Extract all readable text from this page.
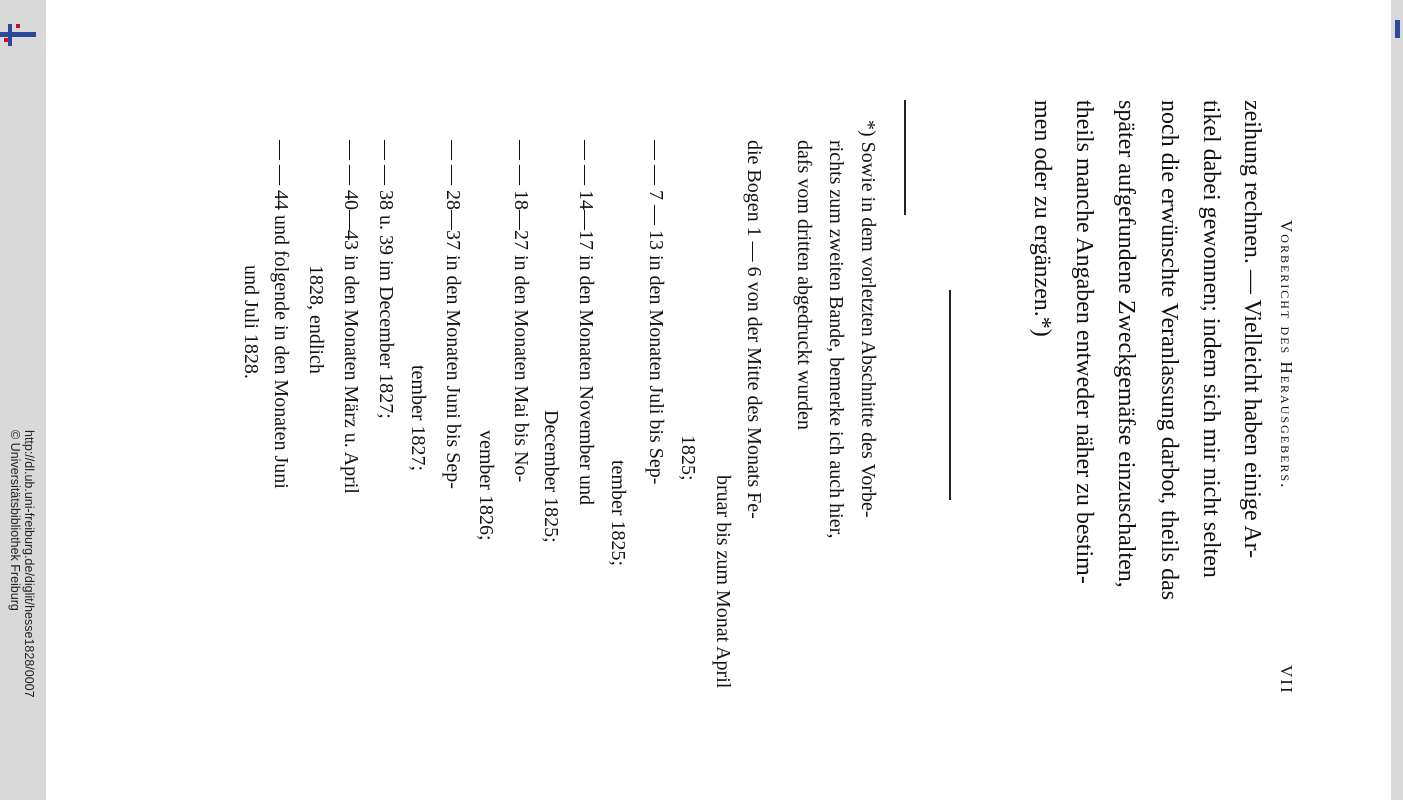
http://dl.ub.uni-freiburg.de/diglit/hesse1828/0007
© Universitätsbibliothek Freiburg
Vorbericht des Herausgebers.
VII
zeihung rechnen. — Vielleicht haben einige Ar-
tikel dabei gewonnen; indem sich mir nicht selten
noch die erwünschte Veranlassung darbot, theils das
später aufgefundene Zweckgemäfse einzuschalten,
theils manche Angaben entweder näher zu bestim-
men oder zu ergänzen.*)
*) Sowie in dem vorletzten Abschnitte des Vorbe-
richts zum zweiten Bande, bemerke ich auch hier,
dafs vom dritten abgedruckt wurden
die Bogen 1 — 6 von der Mitte des Monats Fe-
bruar bis zum Monat April
1825;
— — 7 — 13 in den Monaten Juli bis Sep-
tember 1825;
— — 14—17 in den Monaten November und
December 1825;
— — 18—27 in den Monaten Mai bis No-
vember 1826;
— — 28—37 in den Monaten Juni bis Sep-
tember 1827;
— — 38 u. 39 im December 1827;
— — 40—43 in den Monaten März u. April
1828, endlich
— — 44 und folgende in den Monaten Juni
und Juli 1828.
